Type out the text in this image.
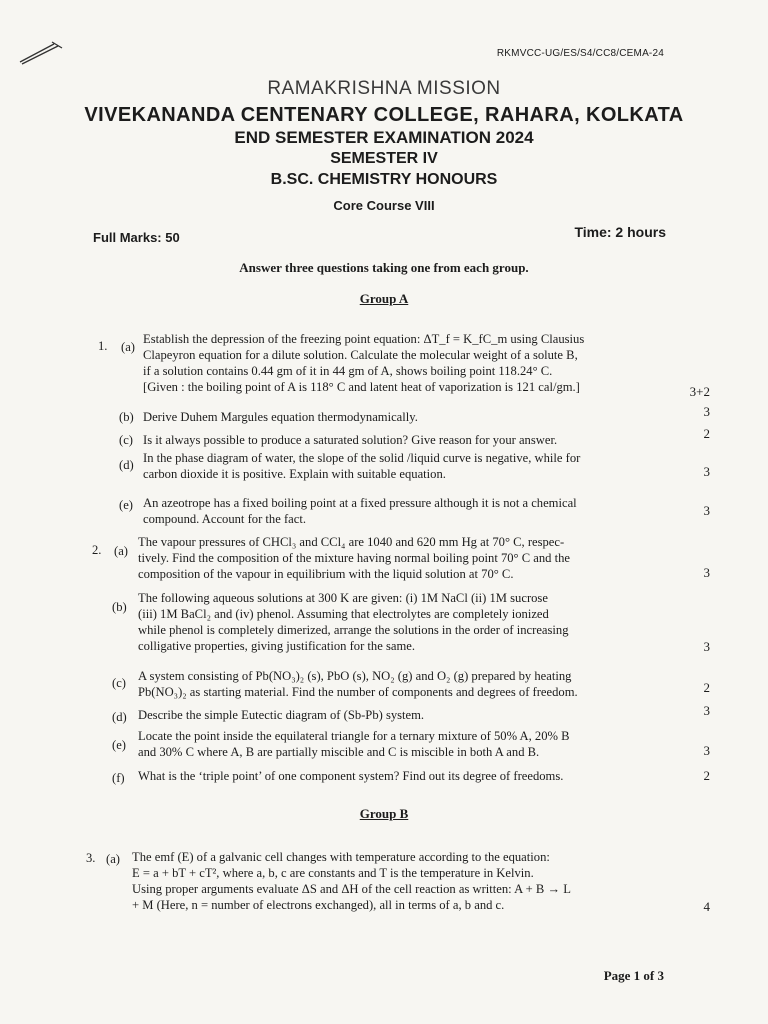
RKMVCC-UG/ES/S4/CC8/CEMA-24
RAMAKRISHNA MISSION
VIVEKANANDA CENTENARY COLLEGE, RAHARA, KOLKATA
END SEMESTER EXAMINATION 2024
SEMESTER IV
B.SC. CHEMISTRY HONOURS
Core Course VIII
Full Marks: 50	Time: 2 hours
Answer three questions taking one from each group.
Group A
1. (a)
Establish the depression of the freezing point equation: ΔT_f = K_fC_m using Clausius
Clapeyron equation for a dilute solution. Calculate the molecular weight of a solute B,
if a solution contains 0.44 gm of it in 44 gm of A, shows boiling point 118.24° C.
[Given : the boiling point of A is 118° C and latent heat of vaporization is 121 cal/gm.]	3+2
(b) Derive Duhem Margules equation thermodynamically.	3
(c) Is it always possible to produce a saturated solution? Give reason for your answer.	2
(d) In the phase diagram of water, the slope of the solid /liquid curve is negative, while for
carbon dioxide it is positive. Explain with suitable equation.	3
(e) An azeotrope has a fixed boiling point at a fixed pressure although it is not a chemical
compound. Account for the fact.
3
2. (a)
The vapour pressures of CHCl₃ and CCl₄ are 1040 and 620 mm Hg at 70° C, respec-
tively. Find the composition of the mixture having normal boiling point 70° C and the
composition of the vapour in equilibrium with the liquid solution at 70° C.	3
(b)
The following aqueous solutions at 300 K are given: (i) 1M NaCl (ii) 1M sucrose
(iii) 1M BaCl₂ and (iv) phenol. Assuming that electrolytes are completely ionized
while phenol is completely dimerized, arrange the solutions in the order of increasing
colligative properties, giving justification for the same.	3
(c) A system consisting of Pb(NO₃)₂ (s), PbO (s), NO₂ (g) and O₂ (g) prepared by heating
Pb(NO₃)₂ as starting material. Find the number of components and degrees of freedom.	2
(d) Describe the simple Eutectic diagram of (Sb-Pb) system.	3
(e)
Locate the point inside the equilateral triangle for a ternary mixture of 50% A, 20% B
and 30% C where A, B are partially miscible and C is miscible in both A and B.	3
(f) What is the ‘triple point’ of one component system? Find out its degree of freedoms.	2
Group B
3. (a) The emf (E) of a galvanic cell changes with temperature according to the equation:
E = a + bT + cT², where a, b, c are constants and T is the temperature in Kelvin.
Using proper arguments evaluate ΔS and ΔH of the cell reaction as written: A + B → L
+ M (Here, n = number of electrons exchanged), all in terms of a, b and c.	4
Page 1 of 3
